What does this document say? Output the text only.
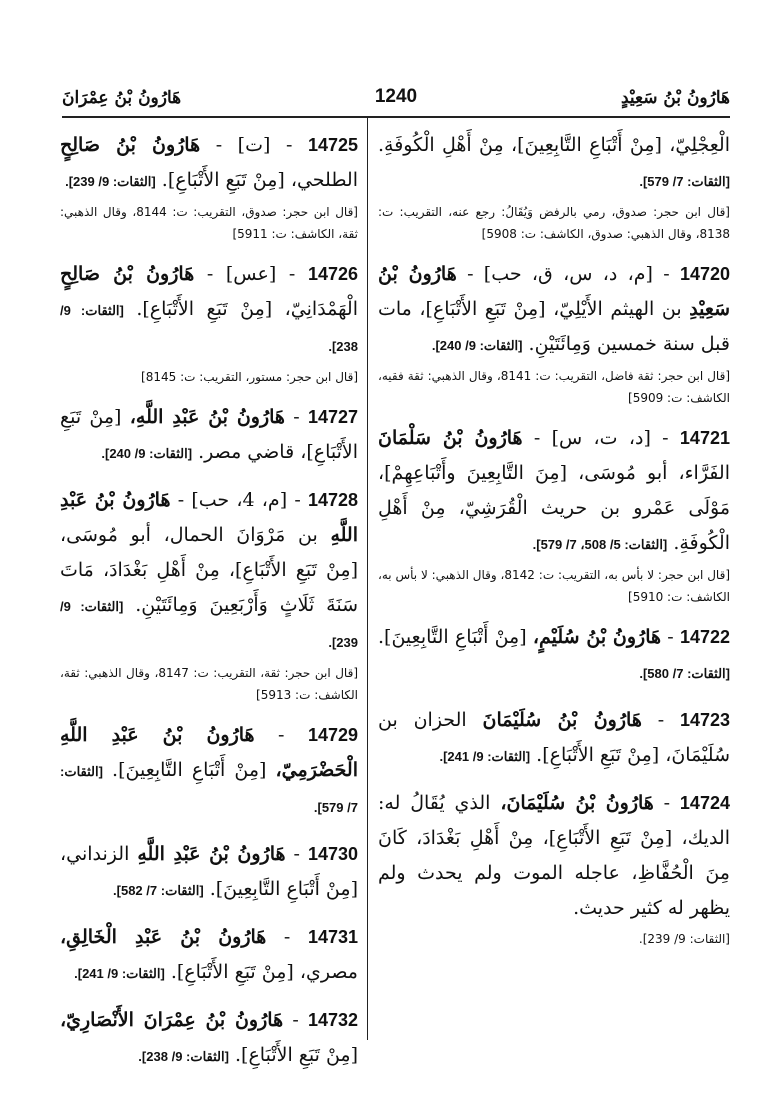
هَارُونُ بْنُ عِمْرَانَ	1240	هَارُونُ بْنُ سَعِيْدٍ
الْعِجْلِيّ، [مِنْ أَتْبَاعِ التَّابِعِينَ]، مِنْ أَهْلِ الْكُوفَةِ. [الثقات: 7/ 579].
[قال ابن حجر: صدوق، رمي بالرفض وَيُقَالُ: رجع عنه، التقريب: ت: 8138، وقال الذهبي: صدوق، الكاشف: ت: 5908]
14720 - [م، د، س، ق، حب] - هَارُونُ بْنُ سَعِيْدِ بن الهيثم الأَيْلِيّ، [مِنْ تَبَعِ الأَتْبَاعِ]، مات قبل سنة خمسين وَمِائَتَيْنِ. [الثقات: 9/ 240].
[قال ابن حجر: ثقة فاضل، التقريب: ت: 8141، وقال الذهبي: ثقة فقيه، الكاشف: ت: 5909]
14721 - [د، ت، س] - هَارُونُ بْنُ سَلْمَانَ الفَرَّاء، أبو مُوسَى، [مِنَ التَّابِعِينَ وأَتْبَاعِهِمْ]، مَوْلَى عَمْرو بن حريث الْقُرَشِيّ، مِنْ أَهْلِ الْكُوفَةِ. [الثقات: 5/ 508، 7/ 579].
[قال ابن حجر: لا بأس به، التقريب: ت: 8142، وقال الذهبي: لا بأس به، الكاشف: ت: 5910]
14722 - هَارُونُ بْنُ سُلَيْمٍ، [مِنْ أَتْبَاعِ التَّابِعِينَ]. [الثقات: 7/ 580].
14723 - هَارُونُ بْنُ سُلَيْمَانَ الحزان بن سُلَيْمَانَ، [مِنْ تَبَعِ الأَتْبَاعِ]. [الثقات: 9/ 241].
14724 - هَارُونُ بْنُ سُلَيْمَانَ، الذي يُقَالُ له: الديك، [مِنْ تَبَعِ الأَتْبَاعِ]، مِنْ أَهْلِ بَغْدَادَ، كَانَ مِنَ الْحُفَّاظِ، عاجله الموت ولم يحدث ولم يظهر له كثير حديث.
[الثقات: 9/ 239].
14725 - [ت] - هَارُونُ بْنُ صَالِحٍ الطلحي، [مِنْ تَبَعِ الأَتْبَاعِ]. [الثقات: 9/ 239].
[قال ابن حجر: صدوق، التقريب: ت: 8144، وقال الذهبي: ثقة، الكاشف: ت: 5911]
14726 - [عس] - هَارُونُ بْنُ صَالِحٍ الْهَمْدَانِيّ، [مِنْ تَبَعِ الأَتْبَاعِ]. [الثقات: 9/ 238].
[قال ابن حجر: مستور، التقريب: ت: 8145]
14727 - هَارُونُ بْنُ عَبْدِ اللَّهِ، [مِنْ تَبَعِ الأَتْبَاعِ]، قاضي مصر. [الثقات: 9/ 240].
14728 - [م، 4، حب] - هَارُونُ بْنُ عَبْدِ اللَّهِ بن مَرْوَانَ الحمال، أبو مُوسَى، [مِنْ تَبَعِ الأَتْبَاعِ]، مِنْ أَهْلِ بَغْدَادَ، مَاتَ سَنَةَ ثَلَاثٍ وَأَرْبَعِينَ وَمِائَتَيْنِ. [الثقات: 9/ 239].
[قال ابن حجر: ثقة، التقريب: ت: 8147، وقال الذهبي: ثقة، الكاشف: ت: 5913]
14729 - هَارُونُ بْنُ عَبْدِ اللَّهِ الْحَضْرَمِيّ، [مِنْ أَتْبَاعِ التَّابِعِينَ]. [الثقات: 7/ 579].
14730 - هَارُونُ بْنُ عَبْدِ اللَّهِ الزنداني، [مِنْ أَتْبَاعِ التَّابِعِينَ]. [الثقات: 7/ 582].
14731 - هَارُونُ بْنُ عَبْدِ الْخَالِقِ، مصري، [مِنْ تَبَعِ الأَتْبَاعِ]. [الثقات: 9/ 241].
14732 - هَارُونُ بْنُ عِمْرَانَ الأَنْصَارِيّ، [مِنْ تَبَعِ الأَتْبَاعِ]. [الثقات: 9/ 238].
